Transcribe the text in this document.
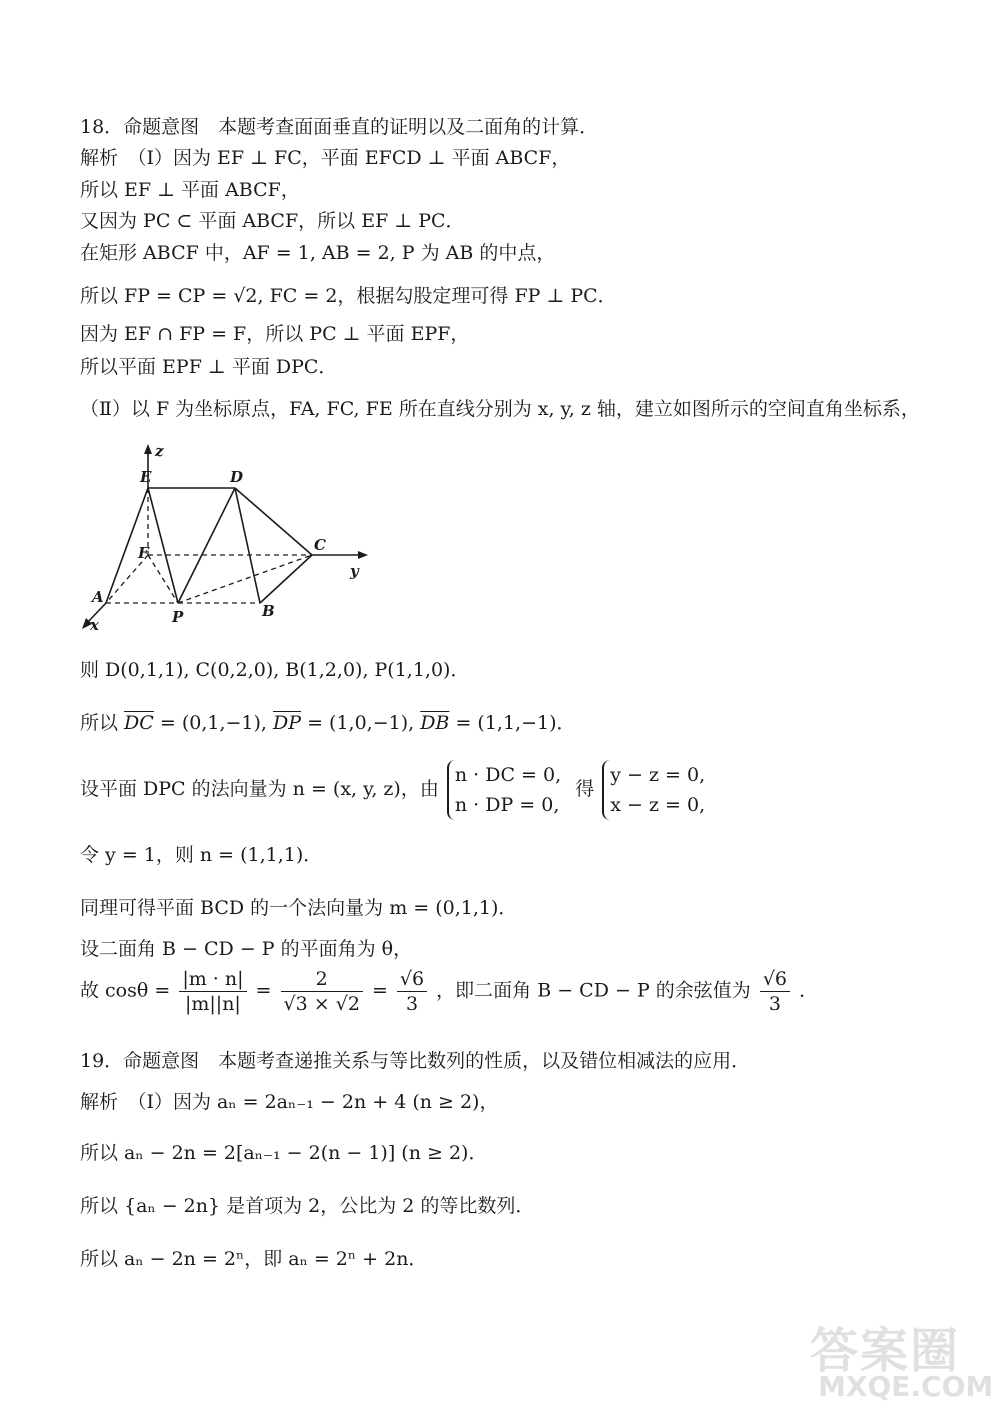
18．命题意图　本题考查面面垂直的证明以及二面角的计算．
解析　（Ⅰ）因为 EF ⊥ FC，平面 EFCD ⊥ 平面 ABCF，
所以 EF ⊥ 平面 ABCF，
又因为 PC ⊂ 平面 ABCF，所以 EF ⊥ PC．
在矩形 ABCF 中，AF = 1, AB = 2, P 为 AB 的中点，
所以 FP = CP = √2, FC = 2，根据勾股定理可得 FP ⊥ PC．
因为 EF ∩ FP = F，所以 PC ⊥ 平面 EPF，
所以平面 EPF ⊥ 平面 DPC．
（Ⅱ）以 F 为坐标原点，FA, FC, FE 所在直线分别为 x, y, z 轴，建立如图所示的空间直角坐标系，
E	D
F	C
A
P	B
x
y
z
则 D(0,1,1), C(0,2,0), B(1,2,0), P(1,1,0)．
所以 $\overline{DC} = (0,1,-1)$, $\overline{DP} = (1,0,-1)$, $\overline{DB} = (1,1,-1)$．
设平面 DPC 的法向量为 n = (x, y, z)，由
n · DC = 0,
n · DP = 0,
得
y − z = 0,
x − z = 0,
令 y = 1，则 n = (1,1,1)．
同理可得平面 BCD 的一个法向量为 m = (0,1,1)．
设二面角 B − CD − P 的平面角为 θ，
故 $\cos\theta = \frac{|m \cdot n|}{|m||n|} = \frac{2}{√3 \times √2} = \frac{√6}{3}$ ，即二面角 B − CD − P 的余弦值为 $\frac{√6}{3}$ ．
19．命题意图　本题考查递推关系与等比数列的性质，以及错位相减法的应用．
解析　（Ⅰ）因为 aₙ = 2aₙ₋₁ − 2n + 4 (n ≥ 2)，
所以 aₙ − 2n = 2[aₙ₋₁ − 2(n − 1)] (n ≥ 2)．
所以 {aₙ − 2n} 是首项为 2，公比为 2 的等比数列．
所以 aₙ − 2n = 2ⁿ，即 aₙ = 2ⁿ + 2n．
答案圈
MXQE.COM
